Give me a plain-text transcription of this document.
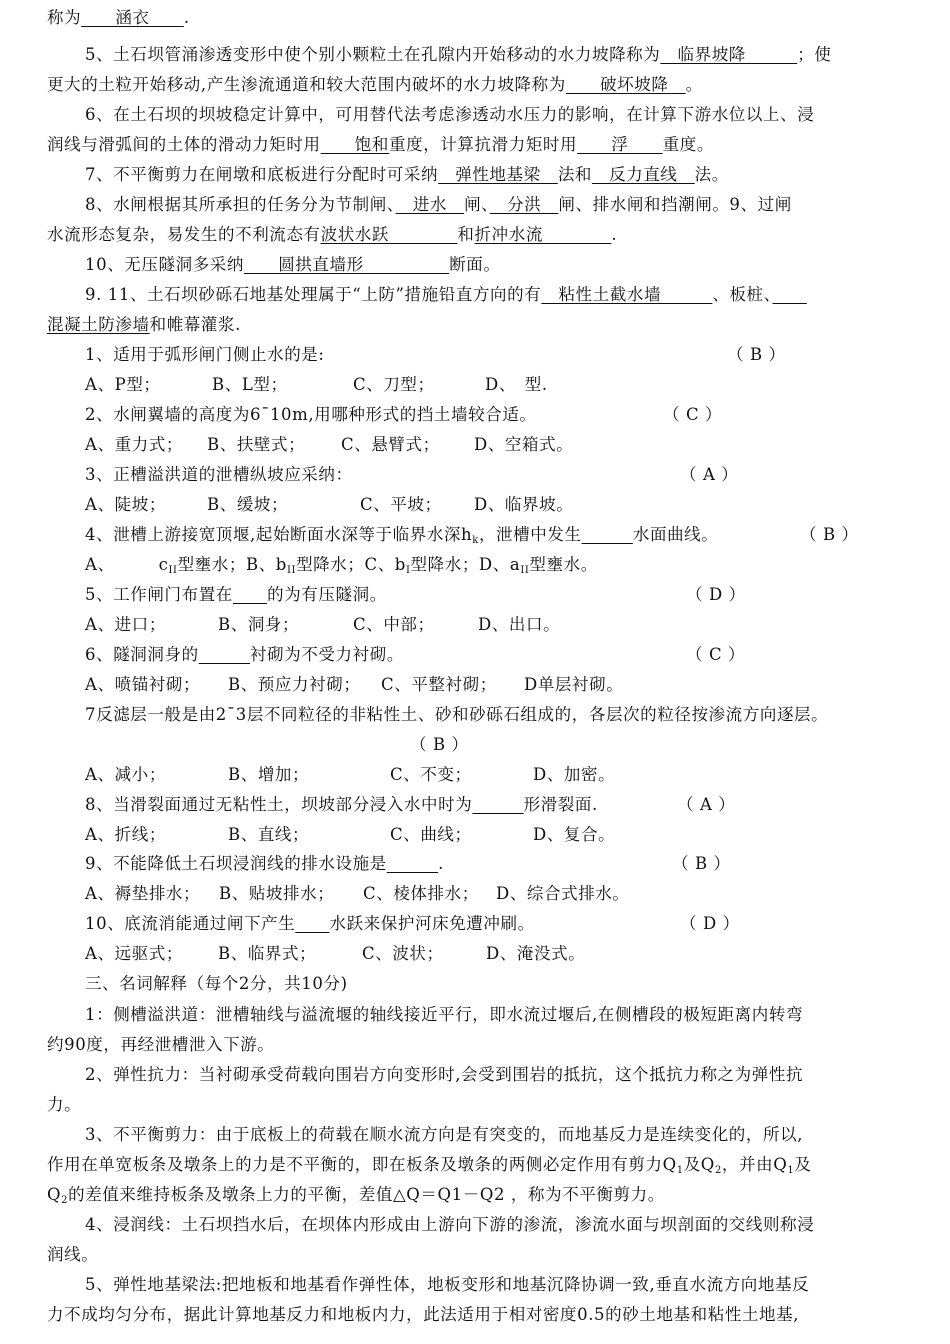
称为　　涵衣　　.
5、土石坝管涌渗透变形中使个别小颗粒土在孔隙内开始移动的水力坡降称为　临界坡降　　　；使
更大的土粒开始移动,产生渗流通道和较大范围内破坏的水力坡降称为　　破坏坡降　。
6、在土石坝的坝坡稳定计算中，可用替代法考虑渗透动水压力的影响，在计算下游水位以上、浸
润线与滑弧间的土体的滑动力矩时用　　饱和重度，计算抗滑力矩时用　　浮　　重度。
7、不平衡剪力在闸墩和底板进行分配时可采纳　弹性地基梁　法和　反力直线　法。
8、水闸根据其所承担的任务分为节制闸、　进水　闸、　分洪　闸、排水闸和挡潮闸。9、过闸
水流形态复杂，易发生的不利流态有波状水跃　　　　和折冲水流　　　　.
10、无压隧洞多采纳　　圆拱直墙形　　　　　断面。
9. 11、土石坝砂砾石地基处理属于“上防”措施铅直方向的有　粘性土截水墙　　　、板桩、　　
混凝土防渗墙和帷幕灌浆.
1、适用于弧形闸门侧止水的是:	（ B ）
A、P型；	B、L型；	C、刀型；	D、　型.
2、水闸翼墙的高度为6¯10m,用哪种形式的挡土墙较合适。	（ C ）
A、重力式； B、扶壁式； C、悬臂式； D、空箱式。
3、正槽溢洪道的泄槽纵坡应采纳：	（ A ）
A、陡坡； B、缓坡；	C、平坡； D、临界坡。
4、泄槽上游接宽顶堰,起始断面水深等于临界水深$h_k$，泄槽中发生　　　	水面曲线。	（ B ）
A、	$c_{II}$型壅水；B、$b_{II}$型降水；C、$b_I$型降水；D、$a_{II}$型壅水。
5、工作闸门布置在　　 的为有压隧洞。	（ D ）
A、进口；	B、洞身；	C、中部；	D、出口。
6、隧洞洞身的　　　	衬砌为不受力衬砌。	（ C ）
A、喷锚衬砌； B、预应力衬砌； C、平整衬砌； D单层衬砌。
7反滤层一般是由2¯3层不同粒径的非粘性土、砂和砂砾石组成的，各层次的粒径按渗流方向逐层。
（ B ）
A、减小；	B、增加；	C、不变；	D、加密。
8、当滑裂面通过无粘性土，坝坡部分浸入水中时为　　　	形滑裂面.	（ A ）
A、折线；	B、直线；	C、曲线；	D、复合。
9、不能降低土石坝浸润线的排水设施是　　　	.	（ B ）
A、褥垫排水； B、贴坡排水； C、棱体排水； D、综合式排水。
10、底流消能通过闸下产生　　 水跃来保护河床免遭冲刷。	（ D ）
A、远驱式； B、临界式；	C、波状；	D、淹没式。
三、名词解释（每个2分，共10分)
1：侧槽溢洪道：泄槽轴线与溢流堰的轴线接近平行，即水流过堰后,在侧槽段的极短距离内转弯
约90度，再经泄槽泄入下游。
2、弹性抗力：当衬砌承受荷载向围岩方向变形时,会受到围岩的抵抗，这个抵抗力称之为弹性抗
力。
3、不平衡剪力：由于底板上的荷载在顺水流方向是有突变的，而地基反力是连续变化的，所以,
作用在单宽板条及墩条上的力是不平衡的，即在板条及墩条的两侧必定作用有剪力$Q_1$及$Q_2$，并由$Q_1$及
$Q_2$的差值来维持板条及墩条上力的平衡，差值△Q＝Q1－Q2 ，称为不平衡剪力。
4、浸润线：土石坝挡水后，在坝体内形成由上游向下游的渗流，渗流水面与坝剖面的交线则称浸
润线。
5、弹性地基梁法:把地板和地基看作弹性体，地板变形和地基沉降协调一致,垂直水流方向地基反
力不成均匀分布，据此计算地基反力和地板内力，此法适用于相对密度0.5的砂土地基和粘性土地基,
